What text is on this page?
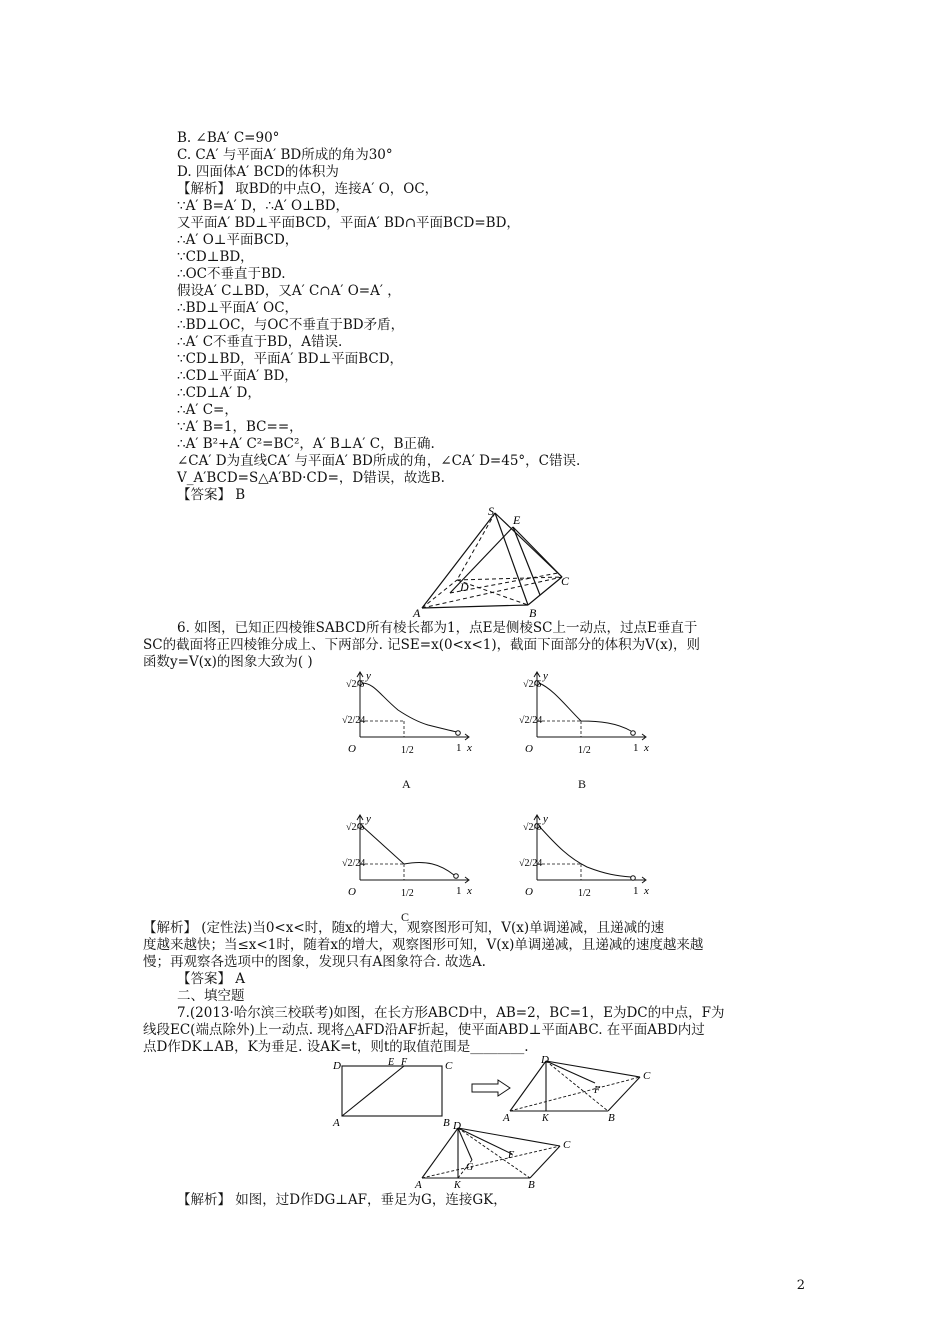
B. ∠BA′ C=90°
C. CA′ 与平面A′ BD所成的角为30°
D. 四面体A′ BCD的体积为
【解析】 取BD的中点O，连接A′ O，OC，
∵A′ B=A′ D，∴A′ O⊥BD，
又平面A′ BD⊥平面BCD，平面A′ BD∩平面BCD=BD，
∴A′ O⊥平面BCD，
∵CD⊥BD，
∴OC不垂直于BD.
假设A′ C⊥BD，又A′ C∩A′ O=A′ ，
∴BD⊥平面A′ OC，
∴BD⊥OC，与OC不垂直于BD矛盾，
∴A′ C不垂直于BD，A错误.
∵CD⊥BD，平面A′ BD⊥平面BCD，
∴CD⊥平面A′ BD，
∴CD⊥A′ D，
∴A′ C=，
∵A′ B=1，BC==，
∴A′ B²+A′ C²=BC²，A′ B⊥A′ C，B正确.
∠CA′ D为直线CA′ 与平面A′ BD所成的角，∠CA′ D=45°，C错误.
V_A′BCD=S△A′BD·CD=，D错误，故选B.
【答案】 B
S
E
C
D
A	B
6. 如图，已知正四棱锥SABCD所有棱长都为1，点E是侧棱SC上一动点，过点E垂直于
SC的截面将正四棱锥分成上、下两部分. 记SE=x(0<x<1)，截面下面部分的体积为V(x)，则
函数y=V(x)的图象大致为( )
√2/6
√2/24
O	1/2	1 x
y
A
√2/6
√2/24
O	1/2	1 x
y
B
√2/6
√2/24
O	1/2	1 x
y
C
√2/6
√2/24
O	1/2	1 x
y
【解析】 (定性法)当0<x<时，随x的增大，观察图形可知，V(x)单调递减，且递减的速
度越来越快；当≤x<1时，随着x的增大，观察图形可知，V(x)单调递减，且递减的速度越来越
慢；再观察各选项中的图象，发现只有A图象符合. 故选A.
【答案】 A
二、填空题
7.(2013·哈尔滨三校联考)如图，在长方形ABCD中，AB=2，BC=1，E为DC的中点，F为
线段EC(端点除外)上一动点. 现将△AFD沿AF折起，使平面ABD⊥平面ABC. 在平面ABD内过
点D作DK⊥AB，K为垂足. 设AK=t，则t的取值范围是________.
D	E F	C
A	B
D
C
F
A	K	B
D
C
F
G
A	K	B
【解析】 如图，过D作DG⊥AF，垂足为G，连接GK，
2
